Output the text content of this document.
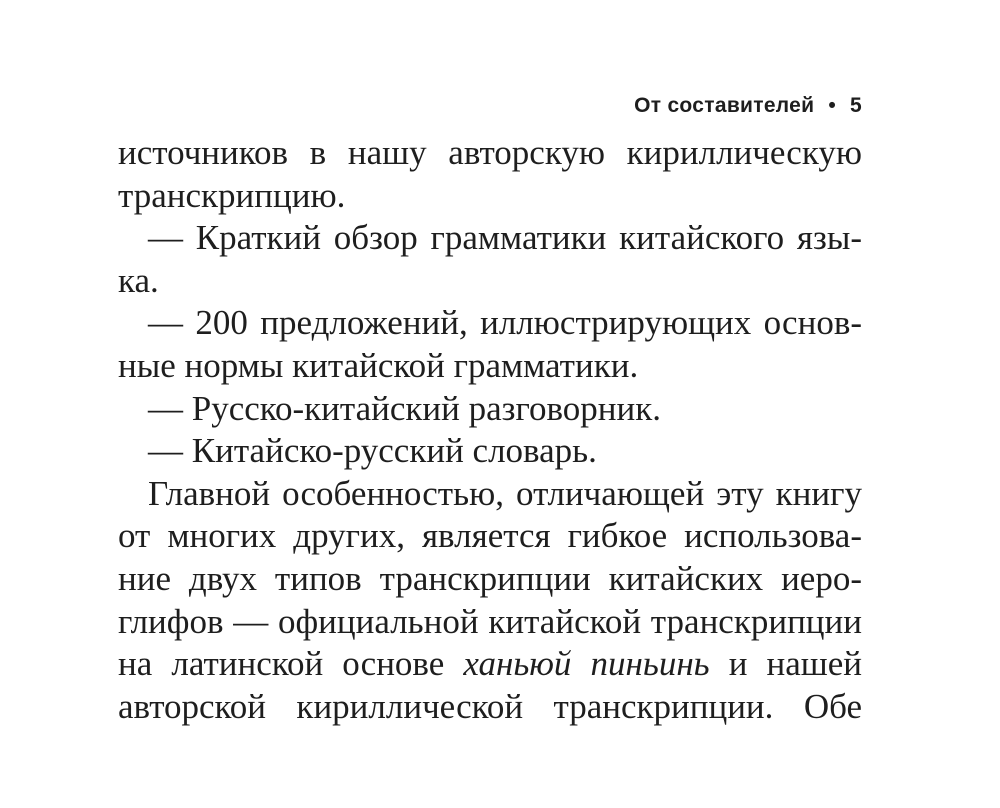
От составителей • 5
источников в нашу авторскую кириллическую
транскрипцию.
— Краткий обзор грамматики китайского язы-
ка.
— 200 предложений, иллюстрирующих основ-
ные нормы китайской грамматики.
— Русско-китайский разговорник.
— Китайско-русский словарь.
Главной особенностью, отличающей эту книгу
от многих других, является гибкое использова-
ние двух типов транскрипции китайских иеро-
глифов — официальной китайской транскрипции
на латинской основе ханьюй пиньинь и нашей
авторской кириллической транскрипции. Обе
